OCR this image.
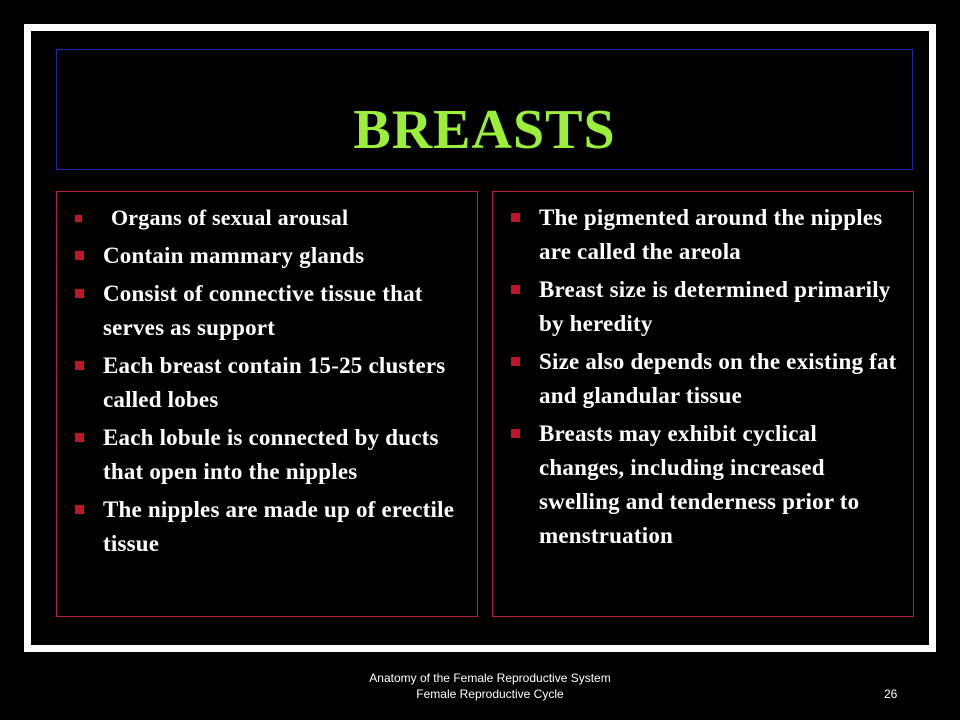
BREASTS
Organs of sexual arousal
Contain mammary glands
Consist of connective tissue that serves as support
Each breast contain 15-25 clusters called lobes
Each lobule is connected by ducts that open into the nipples
The nipples are made up of erectile tissue
The pigmented around the nipples are called the areola
Breast size is determined primarily by heredity
Size also depends on the existing fat and glandular tissue
Breasts may exhibit cyclical changes, including increased swelling and tenderness prior to menstruation
Anatomy of the Female Reproductive System
Female Reproductive Cycle	26
